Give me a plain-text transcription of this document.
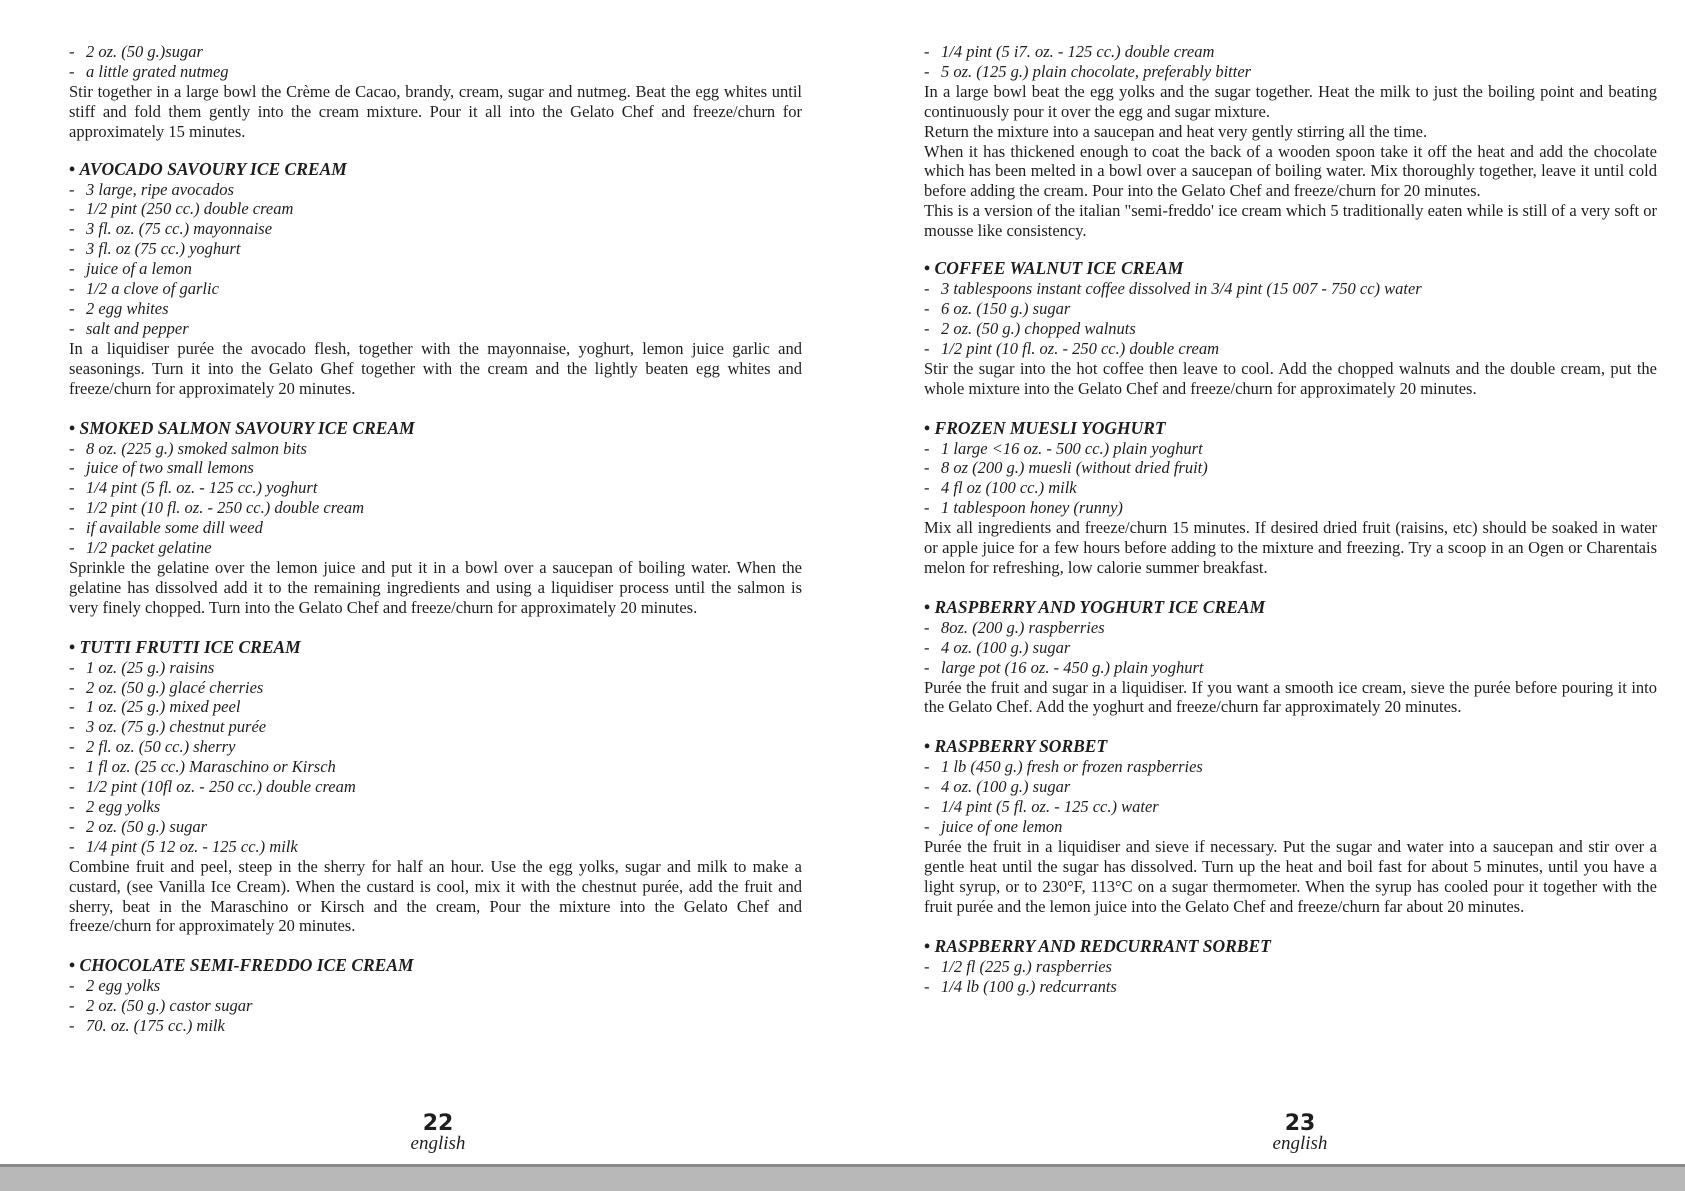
- 2 oz. (50 g.)sugar
- a little grated nutmeg

Stir together in a large bowl the Crème de Cacao, brandy, cream, sugar and nutmeg. Beat the egg whites until stiff and fold them gently into the cream mixture. Pour it all into the Gelato Chef and freeze/churn for approximately 15 minutes.

• AVOCADO SAVOURY ICE CREAM
- 3 large, ripe avocados
- 1/2 pint (250 cc.) double cream
- 3 fl. oz. (75 cc.) mayonnaise
- 3 fl. oz (75 cc.) yoghurt
- juice of a lemon
- 1/2 a clove of garlic
- 2 egg whites
- salt and pepper

In a liquidiser purée the avocado flesh, together with the mayonnaise, yoghurt, lemon juice garlic and seasonings. Turn it into the Gelato Ghef together with the cream and the lightly beaten egg whites and freeze/churn for approximately 20 minutes.

• SMOKED SALMON SAVOURY ICE CREAM
- 8 oz. (225 g.) smoked salmon bits
- juice of two small lemons
- 1/4 pint (5 fl. oz. - 125 cc.) yoghurt
- 1/2 pint (10 fl. oz. - 250 cc.) double cream
- if available some dill weed
- 1/2 packet gelatine

Sprinkle the gelatine over the lemon juice and put it in a bowl over a saucepan of boiling water. When the gelatine has dissolved add it to the remaining ingredients and using a liquidiser process until the salmon is very finely chopped. Turn into the Gelato Chef and freeze/churn for approximately 20 minutes.

• TUTTI FRUTTI ICE CREAM
- 1 oz. (25 g.) raisins
- 2 oz. (50 g.) glacé cherries
- 1 oz. (25 g.) mixed peel
- 3 oz. (75 g.) chestnut purée
- 2 fl. oz. (50 cc.) sherry
- 1 fl oz. (25 cc.) Maraschino or Kirsch
- 1/2 pint (10fl oz. - 250 cc.) double cream
- 2 egg yolks
- 2 oz. (50 g.) sugar
- 1/4 pint (5 12 oz. - 125 cc.) milk

Combine fruit and peel, steep in the sherry for half an hour. Use the egg yolks, sugar and milk to make a custard, (see Vanilla Ice Cream). When the custard is cool, mix it with the chestnut purée, add the fruit and sherry, beat in the Maraschino or Kirsch and the cream, Pour the mixture into the Gelato Chef and freeze/churn for approximately 20 minutes.

• CHOCOLATE SEMI-FREDDO ICE CREAM
- 2 egg yolks
- 2 oz. (50 g.) castor sugar
- 70. oz. (175 cc.) milk
- 1/4 pint (5 i7. oz. - 125 cc.) double cream
- 5 oz. (125 g.) plain chocolate, preferably bitter

In a large bowl beat the egg yolks and the sugar together. Heat the milk to just the boiling point and beating continuously pour it over the egg and sugar mixture.

Return the mixture into a saucepan and heat very gently stirring all the time.

When it has thickened enough to coat the back of a wooden spoon take it off the heat and add the chocolate which has been melted in a bowl over a saucepan of boiling water. Mix thoroughly together, leave it until cold before adding the cream. Pour into the Gelato Chef and freeze/churn for 20 minutes.

This is a version of the italian "semi-freddo' ice cream which 5 traditionally eaten while is still of a very soft or mousse like consistency.

• COFFEE WALNUT ICE CREAM
- 3 tablespoons instant coffee dissolved in 3/4 pint (15 007 - 750 cc) water
- 6 oz. (150 g.) sugar
- 2 oz. (50 g.) chopped walnuts
- 1/2 pint (10 fl. oz. - 250 cc.) double cream

Stir the sugar into the hot coffee then leave to cool. Add the chopped walnuts and the double cream, put the whole mixture into the Gelato Chef and freeze/churn for approximately 20 minutes.

• FROZEN MUESLI YOGHURT
- 1 large <16 oz. - 500 cc.) plain yoghurt
- 8 oz (200 g.) muesli (without dried fruit)
- 4 fl oz (100 cc.) milk
- 1 tablespoon honey (runny)

Mix all ingredients and freeze/churn 15 minutes. If desired dried fruit (raisins, etc) should be soaked in water or apple juice for a few hours before adding to the mixture and freezing. Try a scoop in an Ogen or Charentais melon for refreshing, low calorie summer breakfast.

• RASPBERRY AND YOGHURT ICE CREAM
- 8oz. (200 g.) raspberries
- 4 oz. (100 g.) sugar
- large pot (16 oz. - 450 g.) plain yoghurt

Purée the fruit and sugar in a liquidiser. If you want a smooth ice cream, sieve the purée before pouring it into the Gelato Chef. Add the yoghurt and freeze/churn far approximately 20 minutes.

• RASPBERRY SORBET
- 1 lb (450 g.) fresh or frozen raspberries
- 4 oz. (100 g.) sugar
- 1/4 pint (5 fl. oz. - 125 cc.) water
- juice of one lemon

Purée the fruit in a liquidiser and sieve if necessary. Put the sugar and water into a saucepan and stir over a gentle heat until the sugar has dissolved. Turn up the heat and boil fast for about 5 minutes, until you have a light syrup, or to 230°F, 113°C on a sugar thermometer. When the syrup has cooled pour it together with the fruit purée and the lemon juice into the Gelato Chef and freeze/churn far about 20 minutes.

• RASPBERRY AND REDCURRANT SORBET
- 1/2 fl (225 g.) raspberries
- 1/4 lb (100 g.) redcurrants
22
english
23
english
